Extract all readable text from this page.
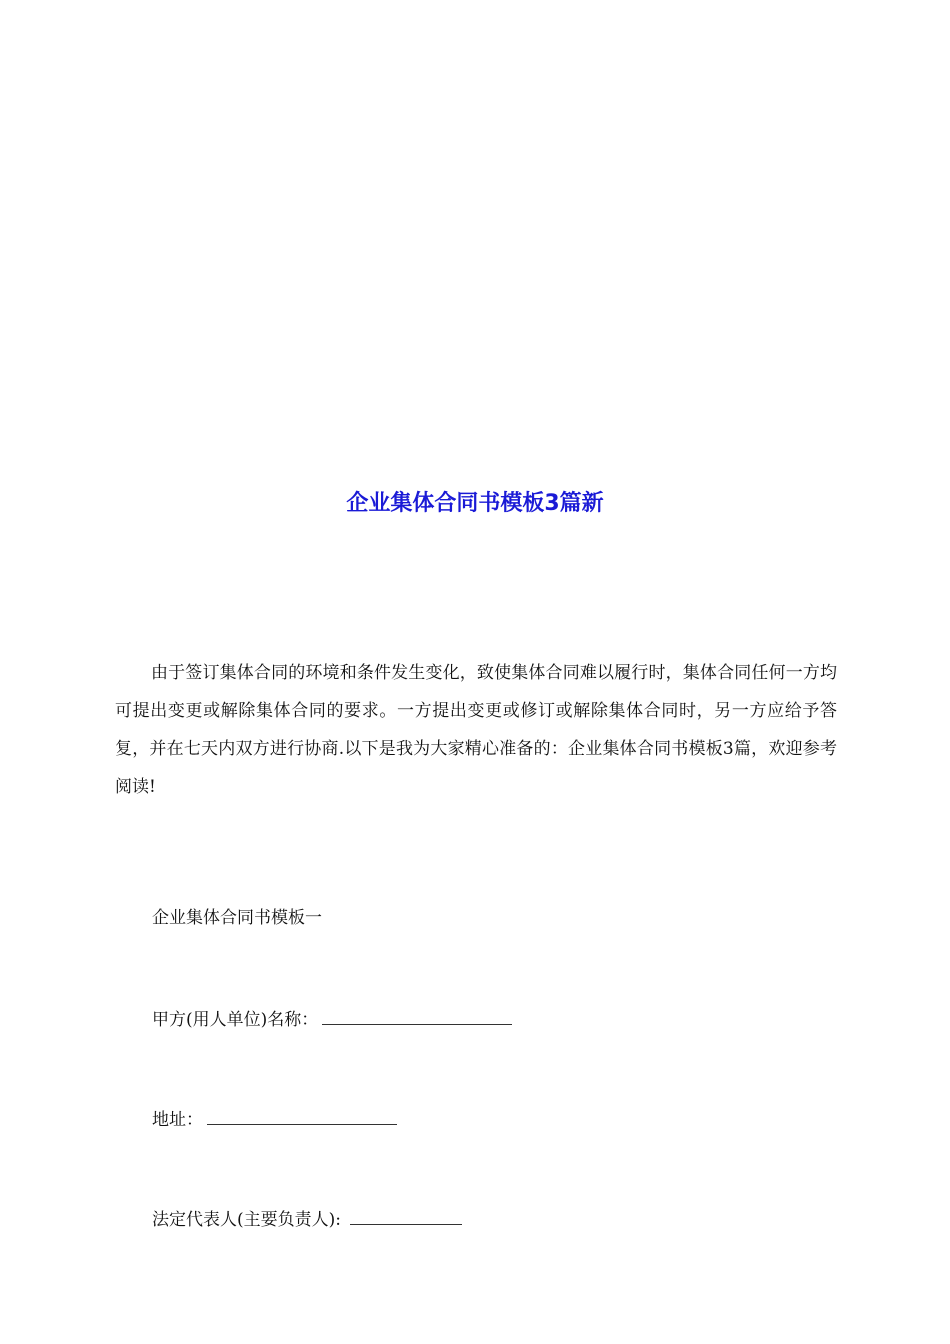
企业集体合同书模板3篇新

由于签订集体合同的环境和条件发生变化，致使集体合同难以履行时，集体合同任何一方均可提出变更或解除集体合同的要求。一方提出变更或修订或解除集体合同时，另一方应给予答复，并在七天内双方进行协商.以下是我为大家精心准备的：企业集体合同书模板3篇，欢迎参考阅读!

企业集体合同书模板一

甲方(用人单位)名称：

地址：

法定代表人(主要负责人):
